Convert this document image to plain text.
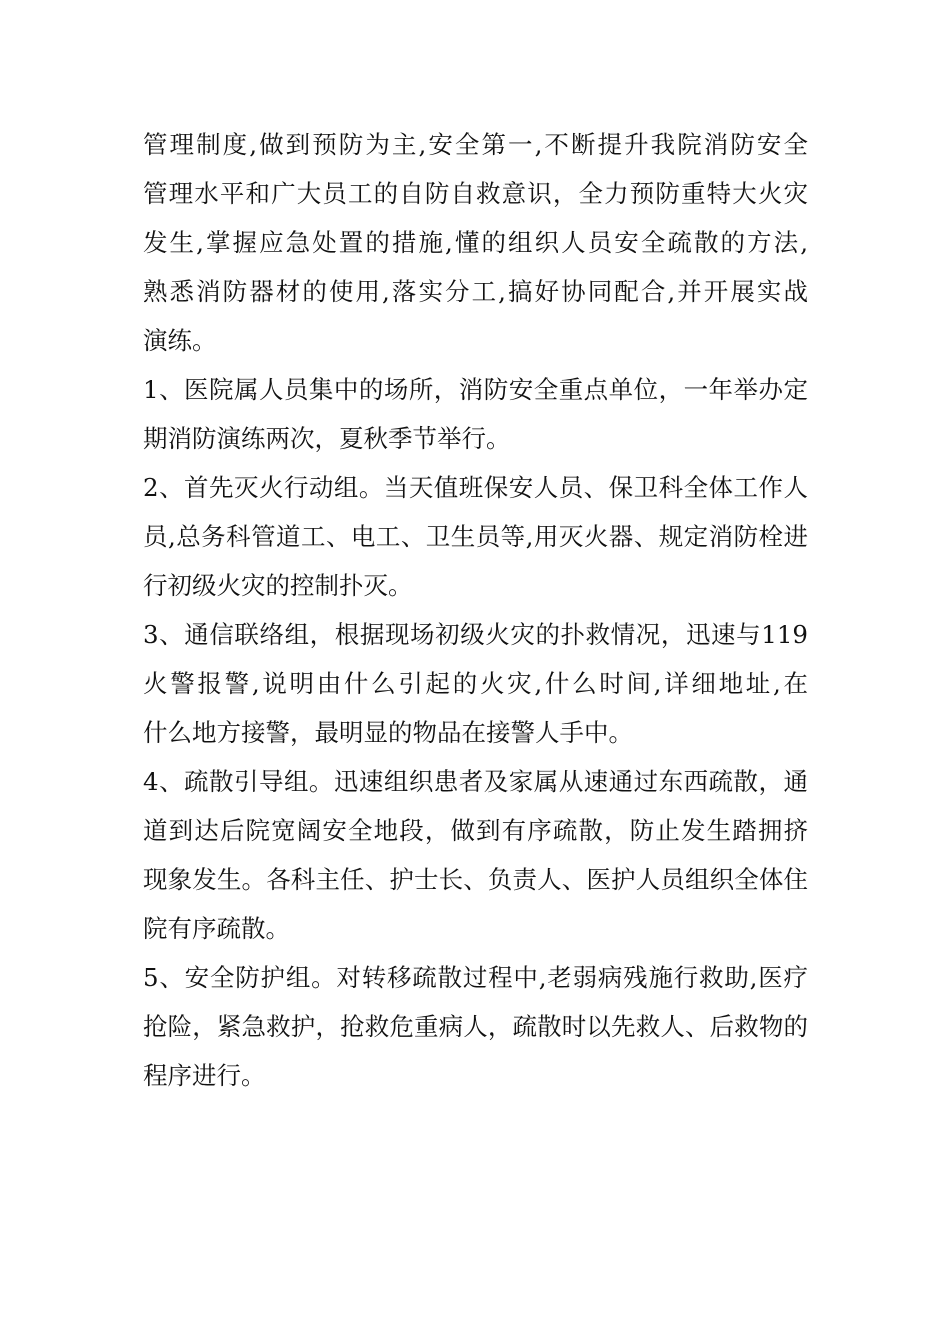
管理制度,做到预防为主,安全第一,不断提升我院消防安全
管理水平和广大员工的自防自救意识，全力预防重特大火灾
发生,掌握应急处置的措施,懂的组织人员安全疏散的方法,
熟悉消防器材的使用,落实分工,搞好协同配合,并开展实战
演练。
1、医院属人员集中的场所，消防安全重点单位，一年举办定
期消防演练两次，夏秋季节举行。
2、首先灭火行动组。当天值班保安人员、保卫科全体工作人
员,总务科管道工、电工、卫生员等,用灭火器、规定消防栓进
行初级火灾的控制扑灭。
3、通信联络组，根据现场初级火灾的扑救情况，迅速与119
火警报警,说明由什么引起的火灾,什么时间,详细地址,在
什么地方接警，最明显的物品在接警人手中。
4、疏散引导组。迅速组织患者及家属从速通过东西疏散，通
道到达后院宽阔安全地段，做到有序疏散，防止发生踏拥挤
现象发生。各科主任、护士长、负责人、医护人员组织全体住
院有序疏散。
5、安全防护组。对转移疏散过程中,老弱病残施行救助,医疗
抢险，紧急救护，抢救危重病人，疏散时以先救人、后救物的
程序进行。
